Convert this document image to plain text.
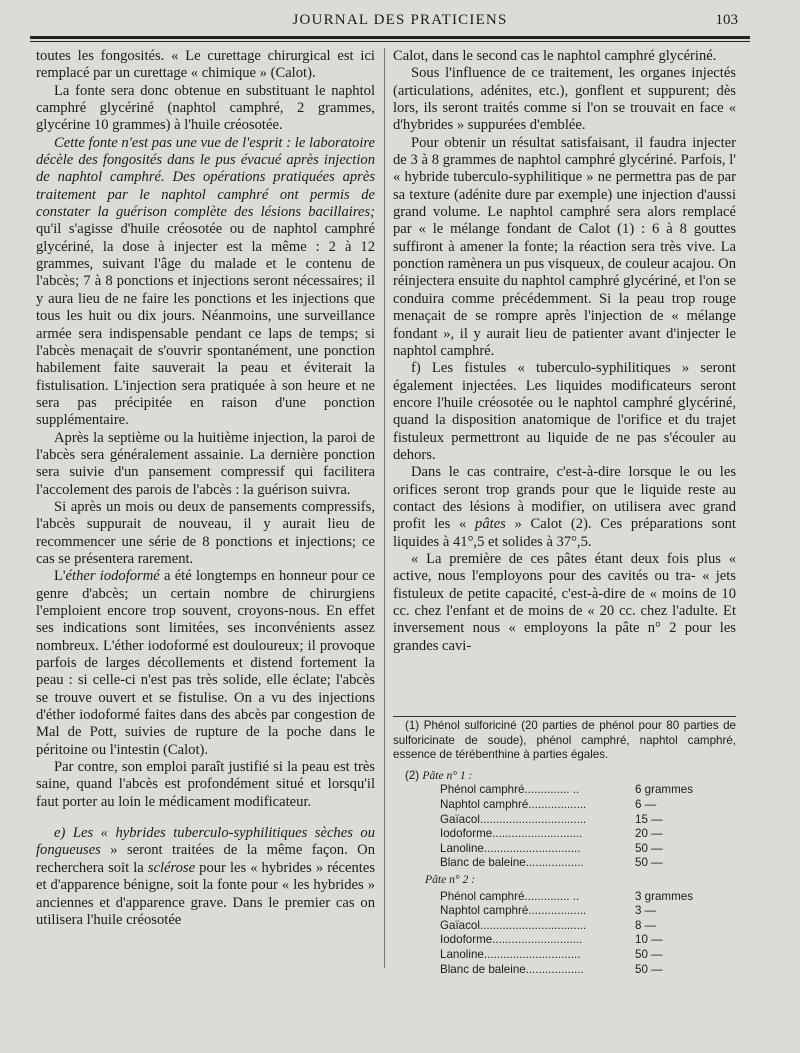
JOURNAL DES PRATICIENS	103

toutes les fongosités. « Le curettage chirurgical est ici remplacé par un curettage « chimique » (Calot).

La fonte sera donc obtenue en substituant le naphtol camphré glycériné (naphtol camphré, 2 grammes, glycérine 10 grammes) à l'huile créosotée.

Cette fonte n'est pas une vue de l'esprit : le laboratoire décèle des fongosités dans le pus évacué après injection de naphtol camphré. Des opérations pratiquées après traitement par le naphtol camphré ont permis de constater la guérison complète des lésions bacillaires; qu'il s'agisse d'huile créosotée ou de naphtol camphré glycériné, la dose à injecter est la même : 2 à 12 grammes, suivant l'âge du malade et le contenu de l'abcès; 7 à 8 ponctions et injections seront nécessaires; il y aura lieu de ne faire les ponctions et les injections que tous les huit ou dix jours. Néanmoins, une surveillance armée sera indispensable pendant ce laps de temps; si l'abcès menaçait de s'ouvrir spontanément, une ponction habilement faite sauverait la peau et éviterait la fistulisation. L'injection sera pratiquée à son heure et ne sera pas précipitée en raison d'une ponction supplémentaire.

Après la septième ou la huitième injection, la paroi de l'abcès sera généralement assainie. La dernière ponction sera suivie d'un pansement compressif qui facilitera l'accolement des parois de l'abcès : la guérison suivra.

Si après un mois ou deux de pansements compressifs, l'abcès suppurait de nouveau, il y aurait lieu de recommencer une série de 8 ponctions et injections; ce cas se présentera rarement.

L'éther iodoformé a été longtemps en honneur pour ce genre d'abcès; un certain nombre de chirurgiens l'emploient encore trop souvent, croyons-nous. En effet ses indications sont limitées, ses inconvénients assez nombreux. L'éther iodoformé est douloureux; il provoque parfois de larges décollements et distend fortement la peau : si celle-ci n'est pas très solide, elle éclate; l'abcès se trouve ouvert et se fistulise. On a vu des injections d'éther iodoformé faites dans des abcès par congestion de Mal de Pott, suivies de rupture de la poche dans le péritoine ou l'intestin (Calot).

Par contre, son emploi paraît justifié si la peau est très saine, quand l'abcès est profondément situé et lorsqu'il faut porter au loin le médicament modificateur.

e) Les « hybrides tuberculo-syphilitiques sèches ou fongueuses » seront traitées de la même façon. On recherchera soit la sclérose pour les « hybrides » récentes et d'apparence bénigne, soit la fonte pour « les hybrides » anciennes et d'apparence grave. Dans le premier cas on utilisera l'huile créosotée

Calot, dans le second cas le naphtol camphré glycériné.

Sous l'influence de ce traitement, les organes injectés (articulations, adénites, etc.), gonflent et suppurent; dès lors, ils seront traités comme si l'on se trouvait en face « d'hybrides » suppurées d'emblée.

Pour obtenir un résultat satisfaisant, il faudra injecter de 3 à 8 grammes de naphtol camphré glycériné. Parfois, l' « hybride tuberculo-syphilitique » ne permettra pas de par sa texture (adénite dure par exemple) une injection d'aussi grand volume. Le naphtol camphré sera alors remplacé par « le mélange fondant de Calot (1) : 6 à 8 gouttes suffiront à amener la fonte; la réaction sera très vive. La ponction ramènera un pus visqueux, de couleur acajou. On réinjectera ensuite du naphtol camphré glycériné, et l'on se conduira comme précédemment. Si la peau trop rouge menaçait de se rompre après l'injection de « mélange fondant », il y aurait lieu de patienter avant d'injecter le naphtol camphré.

f) Les fistules « tuberculo-syphilitiques » seront également injectées. Les liquides modificateurs seront encore l'huile créosotée ou le naphtol camphré glycériné, quand la disposition anatomique de l'orifice et du trajet fistuleux permettront au liquide de ne pas s'écouler au dehors.

Dans le cas contraire, c'est-à-dire lorsque le ou les orifices seront trop grands pour que le liquide reste au contact des lésions à modifier, on utilisera avec grand profit les « pâtes » Calot (2). Ces préparations sont liquides à 41°,5 et solides à 37°,5.

« La première de ces pâtes étant deux fois plus « active, nous l'employons pour des cavités ou tra- « jets fistuleux de petite capacité, c'est-à-dire de « moins de 10 cc. chez l'enfant et de moins de « 20 cc. chez l'adulte. Et inversement nous « employons la pâte n° 2 pour les grandes cavi-

(1) Phénol sulforiciné (20 parties de phénol pour 80 parties de sulforicinate de soude), phénol camphré, naphtol camphré, essence de térébenthine à parties égales.

(2) Pâte n° 1 :
Phénol camphré.............. ..	6 grammes
Naphtol camphré..................	6 —
Gaïacol.................................	15 —
Iodoforme............................	20 —
Lanoline..............................	50 —
Blanc de baleine..................	50 —
Pâte n° 2 :
Phénol camphré.............. ..	3 grammes
Naphtol camphré..................	3 —
Gaïacol.................................	8 —
Iodoforme............................	10 —
Lanoline..............................	50 —
Blanc de baleine..................	50 —
